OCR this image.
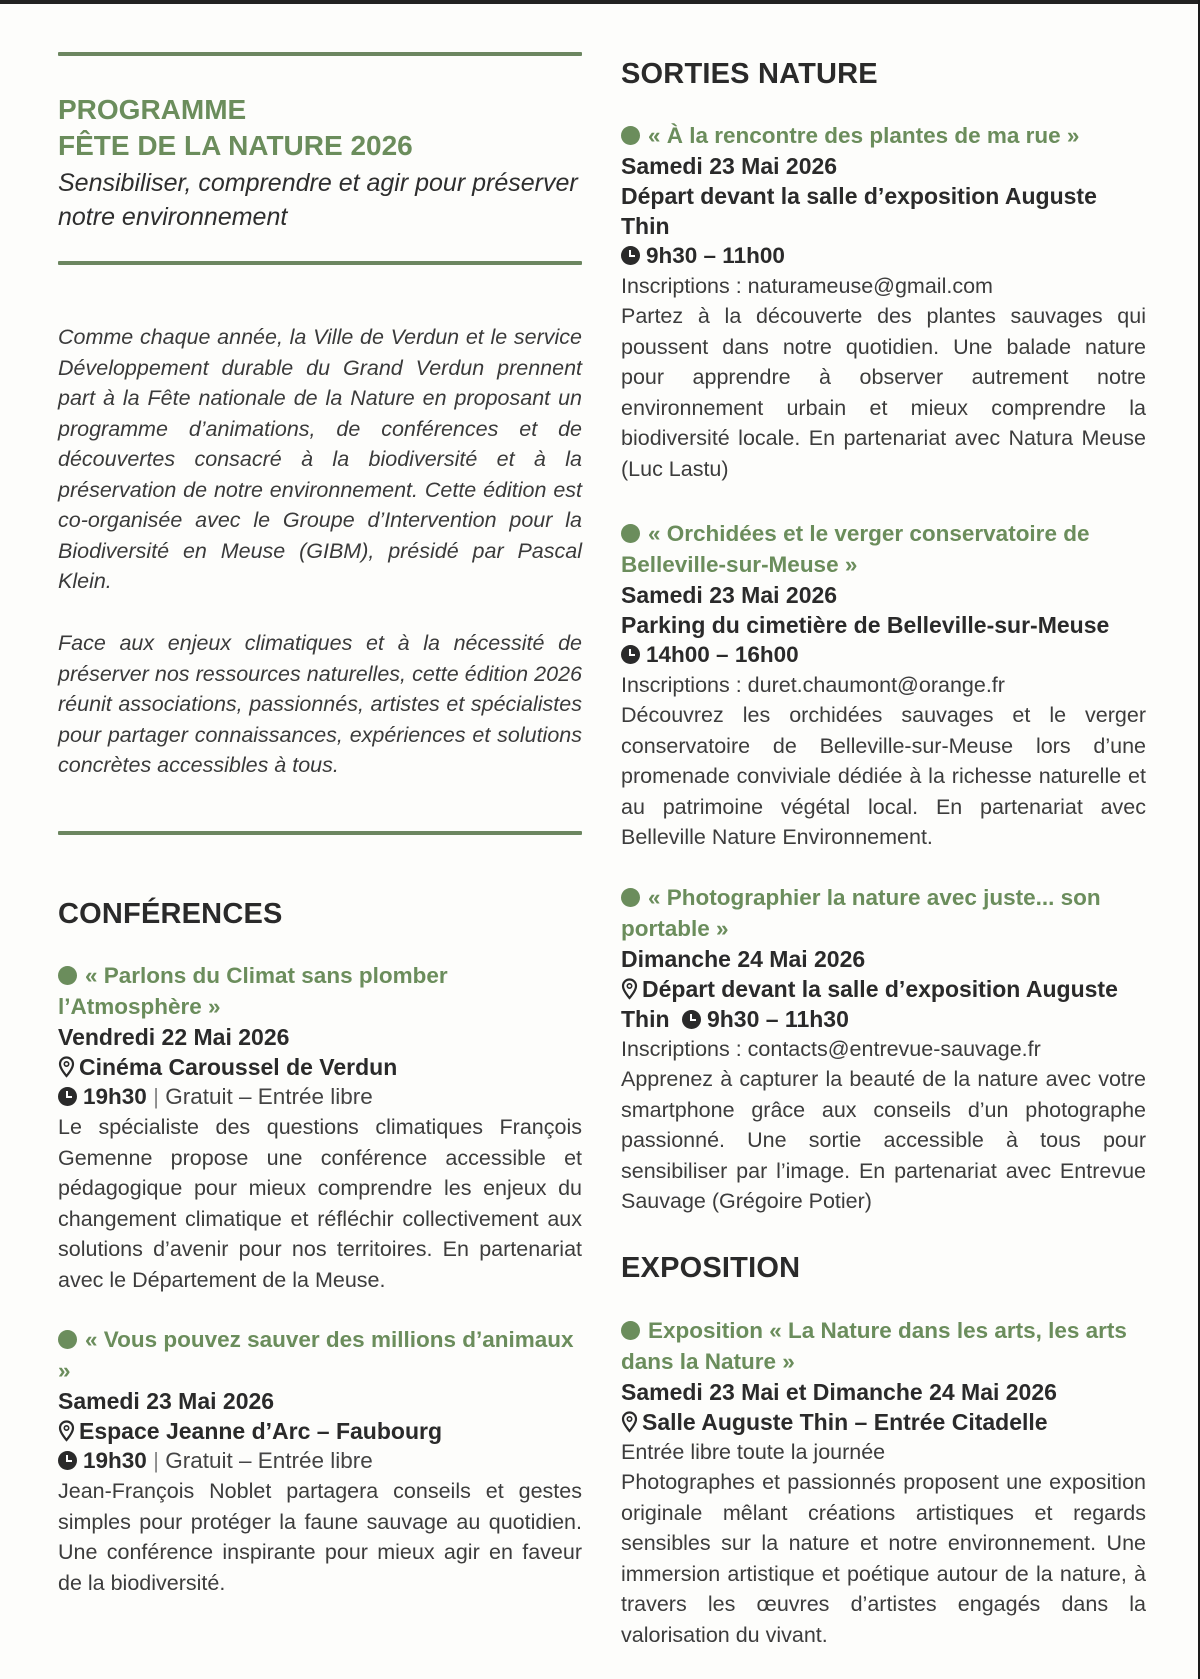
PROGRAMME
FÊTE DE LA NATURE 2026
Sensibiliser, comprendre et agir pour préserver notre environnement

Comme chaque année, la Ville de Verdun et le service Développement durable du Grand Verdun prennent part à la Fête nationale de la Nature en proposant un programme d’animations, de conférences et de découvertes consacré à la biodiversité et à la préservation de notre environnement. Cette édition est co-organisée avec le Groupe d’Intervention pour la Biodiversité en Meuse (GIBM), présidé par Pascal Klein.

Face aux enjeux climatiques et à la nécessité de préserver nos ressources naturelles, cette édition 2026 réunit associations, passionnés, artistes et spécialistes pour partager connaissances, expériences et solutions concrètes accessibles à tous.

CONFÉRENCES
« Parlons du Climat sans plomber l’Atmosphère »
Vendredi 22 Mai 2026
Cinéma Caroussel de Verdun
19h30 | Gratuit – Entrée libre

Le spécialiste des questions climatiques François Gemenne propose une conférence accessible et pédagogique pour mieux comprendre les enjeux du changement climatique et réfléchir collectivement aux solutions d’avenir pour nos territoires. En partenariat avec le Département de la Meuse.

« Vous pouvez sauver des millions d’animaux »
Samedi 23 Mai 2026
Espace Jeanne d’Arc – Faubourg
19h30 | Gratuit – Entrée libre

Jean-François Noblet partagera conseils et gestes simples pour protéger la faune sauvage au quotidien. Une conférence inspirante pour mieux agir en faveur de la biodiversité.

SORTIES NATURE
« À la rencontre des plantes de ma rue »
Samedi 23 Mai 2026
Départ devant la salle d’exposition Auguste Thin
9h30 – 11h00
Inscriptions : naturameuse@gmail.com

Partez à la découverte des plantes sauvages qui poussent dans notre quotidien. Une balade nature pour apprendre à observer autrement notre environnement urbain et mieux comprendre la biodiversité locale. En partenariat avec Natura Meuse (Luc Lastu)

« Orchidées et le verger conservatoire de Belleville-sur-Meuse »
Samedi 23 Mai 2026
Parking du cimetière de Belleville-sur-Meuse
14h00 – 16h00
Inscriptions : duret.chaumont@orange.fr

Découvrez les orchidées sauvages et le verger conservatoire de Belleville-sur-Meuse lors d’une promenade conviviale dédiée à la richesse naturelle et au patrimoine végétal local. En partenariat avec Belleville Nature Environnement.

« Photographier la nature avec juste... son portable »
Dimanche 24 Mai 2026
Départ devant la salle d’exposition Auguste Thin 9h30 – 11h30
Inscriptions : contacts@entrevue-sauvage.fr

Apprenez à capturer la beauté de la nature avec votre smartphone grâce aux conseils d’un photographe passionné. Une sortie accessible à tous pour sensibiliser par l’image. En partenariat avec Entrevue Sauvage (Grégoire Potier)

EXPOSITION
Exposition « La Nature dans les arts, les arts dans la Nature »
Samedi 23 Mai et Dimanche 24 Mai 2026
Salle Auguste Thin – Entrée Citadelle
Entrée libre toute la journée

Photographes et passionnés proposent une exposition originale mêlant créations artistiques et regards sensibles sur la nature et notre environnement. Une immersion artistique et poétique autour de la nature, à travers les œuvres d’artistes engagés dans la valorisation du vivant.
